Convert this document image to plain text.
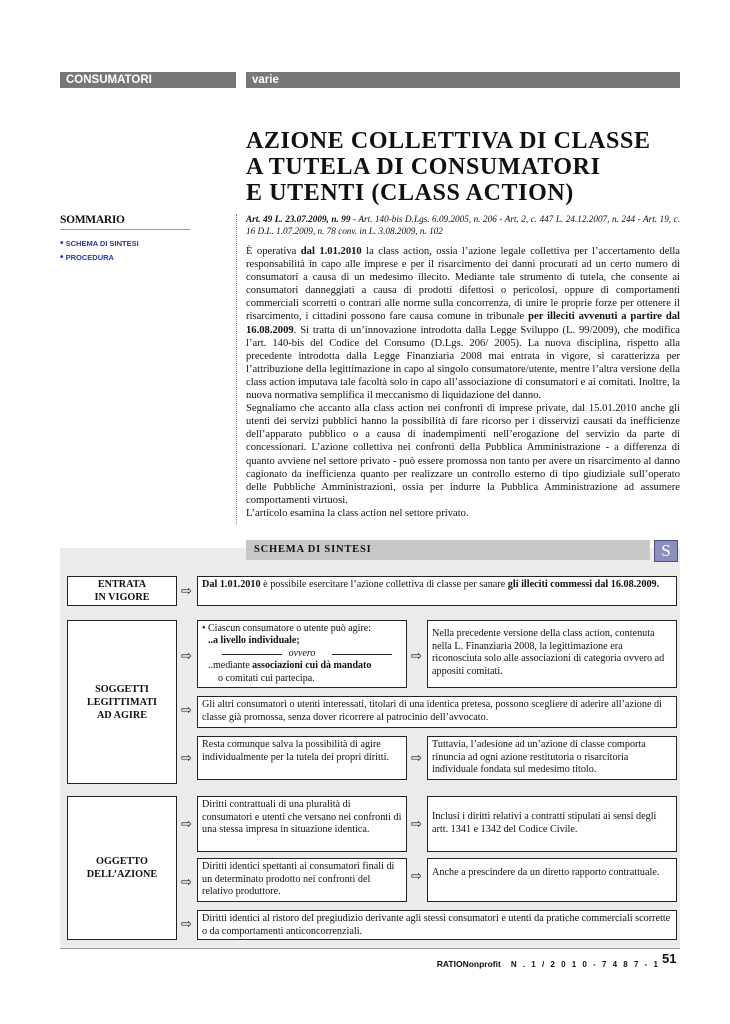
CONSUMATORI	varie
AZIONE COLLETTIVA DI CLASSE
A TUTELA DI CONSUMATORI
E UTENTI (CLASS ACTION)
SOMMARIO
• SCHEMA DI SINTESI
• PROCEDURA
Art. 49 L. 23.07.2009, n. 99 - Art. 140-bis D.Lgs. 6.09.2005, n. 206 - Art. 2, c. 447 L. 24.12.2007, n. 244 - Art. 19, c. 16 D.L. 1.07.2009, n. 78 conv. in L. 3.08.2009, n. 102

È operativa dal 1.01.2010 la class action, ossia l’azione legale collettiva per l’accertamento della responsabilità in capo alle imprese e per il risarcimento dei danni procurati ad un certo numero di consumatori a causa di un medesimo illecito. Mediante tale strumento di tutela, che consente ai consumatori danneggiati a causa di prodotti difettosi o pericolosi, oppure di comportamenti commerciali scorretti o contrari alle norme sulla concorrenza, di unire le proprie forze per ottenere il risarcimento, i cittadini possono fare causa comune in tribunale per illeciti avvenuti a partire dal 16.08.2009. Si tratta di un’innovazione introdotta dalla Legge Sviluppo (L. 99/2009), che modifica l’art. 140-bis del Codice del Consumo (D.Lgs. 206/ 2005). La nuova disciplina, rispetto alla precedente introdotta dalla Legge Finanziaria 2008 mai entrata in vigore, si caratterizza per l’attribuzione della legittimazione in capo al singolo consumatore/utente, mentre l’altra versione della class action imputava tale facoltà solo in capo all’associazione di consumatori e ai comitati. Inoltre, la nuova normativa semplifica il meccanismo di liquidazione del danno.

Segnaliamo che accanto alla class action nei confronti di imprese private, dal 15.01.2010 anche gli utenti dei servizi pubblici hanno la possibilità di fare ricorso per i disservizi causati da inefficienze dell’apparato pubblico o a causa di inadempimenti nell’erogazione del servizio da parte di concessionari. L’azione collettiva nei confronti della Pubblica Amministrazione - a differenza di quanto avviene nel settore privato - può essere promossa non tanto per avere un risarcimento al danno cagionato da inefficienza quanto per realizzare un controllo esterno di tipo giudiziale sull’operato delle Pubbliche Amministrazioni, ossia per indurre la Pubblica Amministrazione ad assumere comportamenti virtuosi.

L’articolo esamina la class action nel settore privato.

SCHEMA DI SINTESI	S
ENTRATA
IN VIGORE ⇨ Dal 1.01.2010 è possibile esercitare l’azione collettiva di classe per sanare gli illeciti commessi dal 16.08.2009.
SOGGETTI
LEGITTIMATI
AD AGIRE
⇨
• Ciascun consumatore o utente può agire:
..a livello individuale;
ovvero
..mediante associazioni cui dà mandato
o comitati cui partecipa.
⇨
Nella precedente versione della class action, contenuta nella L. Finanziaria 2008, la legittimazione era riconosciuta solo alle associazioni di categoria ovvero ad appositi comitati.
⇨ Gli altri consumatori o utenti interessati, titolari di una identica pretesa, possono scegliere di aderire all’azione di classe già promossa, senza dover ricorrere al patrocinio dell’avvocato.
⇨
Resta comunque salva la possibilità di agire individualmente per la tutela dei propri diritti.	⇨
Tuttavia, l’adesione ad un’azione di classe comporta rinuncia ad ogni azione restitutoria o risarcitoria individuale fondata sul medesimo titolo.
OGGETTO
DELL’AZIONE
⇨
Diritti contrattuali di una pluralità di consumatori e utenti che versano nei confronti di una stessa impresa in situazione identica.	⇨
Inclusi i diritti relativi a contratti stipulati ai sensi degli artt. 1341 e 1342 del Codice Civile.
⇨
Diritti identici spettanti ai consumatori finali di un determinato prodotto nei confronti del relativo produttore.
⇨ Anche a prescindere da un diretto rapporto contrattuale.
⇨ Diritti identici al ristoro del pregiudizio derivante agli stessi consumatori e utenti da pratiche commerciali scorrette o da comportamenti anticoncorrenziali.
RATIONonprofit N . 1 / 2 0 1 0 - 7 4 8 7 - 1 51
